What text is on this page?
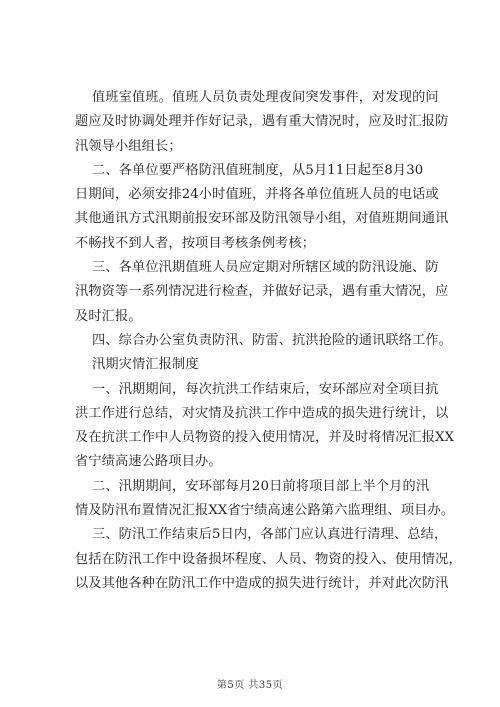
值班室值班。值班人员负责处理夜间突发事件，对发现的问
题应及时协调处理并作好记录，遇有重大情况时，应及时汇报防
汛领导小组组长；
二、各单位要严格防汛值班制度，从5月11日起至8月30
日期间，必须安排24小时值班，并将各单位值班人员的电话或
其他通讯方式汛期前报安环部及防汛领导小组，对值班期间通讯
不畅找不到人者，按项目考核条例考核；
三、各单位汛期值班人员应定期对所辖区域的防汛设施、防
汛物资等一系列情况进行检查，并做好记录，遇有重大情况，应
及时汇报。
四、综合办公室负责防汛、防雷、抗洪抢险的通讯联络工作。
汛期灾情汇报制度
一、汛期期间，每次抗洪工作结束后，安环部应对全项目抗
洪工作进行总结，对灾情及抗洪工作中造成的损失进行统计，以
及在抗洪工作中人员物资的投入使用情况，并及时将情况汇报XX
省宁绩高速公路项目办。
二、汛期期间，安环部每月20日前将项目部上半个月的汛
情及防汛布置情况汇报XX省宁绩高速公路第六监理组、项目办。
三、防汛工作结束后5日内，各部门应认真进行清理、总结，
包括在防汛工作中设备损坏程度、人员、物资的投入、使用情况，
以及其他各种在防汛工作中造成的损失进行统计，并对此次防汛
第5页 共35页
